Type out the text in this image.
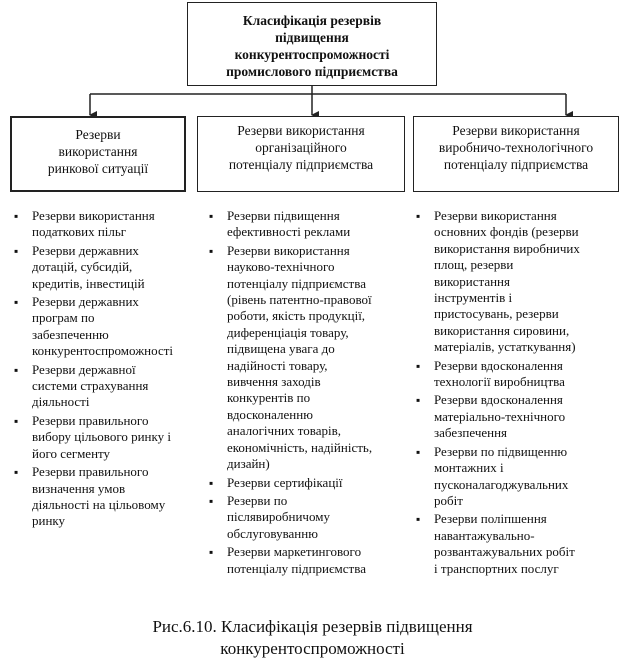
Класифікація резервів
підвищення
конкурентоспроможності
промислового підприємства
Резерви
використання
ринкової ситуації
Резерви використання
організаційного
потенціалу підприємства
Резерви використання
виробничо-технологічного
потенціалу підприємства
▪ Резерви використання
податкових пільг
▪ Резерви державних
дотацій, субсидій,
кредитів, інвестицій
▪ Резерви державних
програм по
забезпеченню
конкурентоспроможності
▪ Резерви державної
системи страхування
діяльності
▪ Резерви правильного
вибору цільового ринку і
його сегменту
▪ Резерви правильного
визначення умов
діяльності на цільовому
ринку
▪ Резерви підвищення
ефективності реклами
▪ Резерви використання
науково-технічного
потенціалу підприємства
(рівень патентно-правової
роботи, якість продукції,
диференціація товару,
підвищена увага до
надійності товару,
вивчення заходів
конкурентів по
вдосконаленню
аналогічних товарів,
економічність, надійність,
дизайн)
▪ Резерви сертифікації
▪ Резерви по
післявиробничому
обслуговуванню
▪ Резерви маркетингового
потенціалу підприємства
▪ Резерви використання
основних фондів (резерви
використання виробничих
площ, резерви
використання
інструментів і
пристосувань, резерви
використання сировини,
матеріалів, устаткування)
▪ Резерви вдосконалення
технології виробництва
▪ Резерви вдосконалення
матеріально-технічного
забезпечення
▪ Резерви по підвищенню
монтажних і
пусконалагоджувальних
робіт
▪ Резерви поліпшення
навантажувально-
розвантажувальних робіт
і транспортних послуг
Рис.6.10. Класифікація резервів підвищення
конкурентоспроможності
